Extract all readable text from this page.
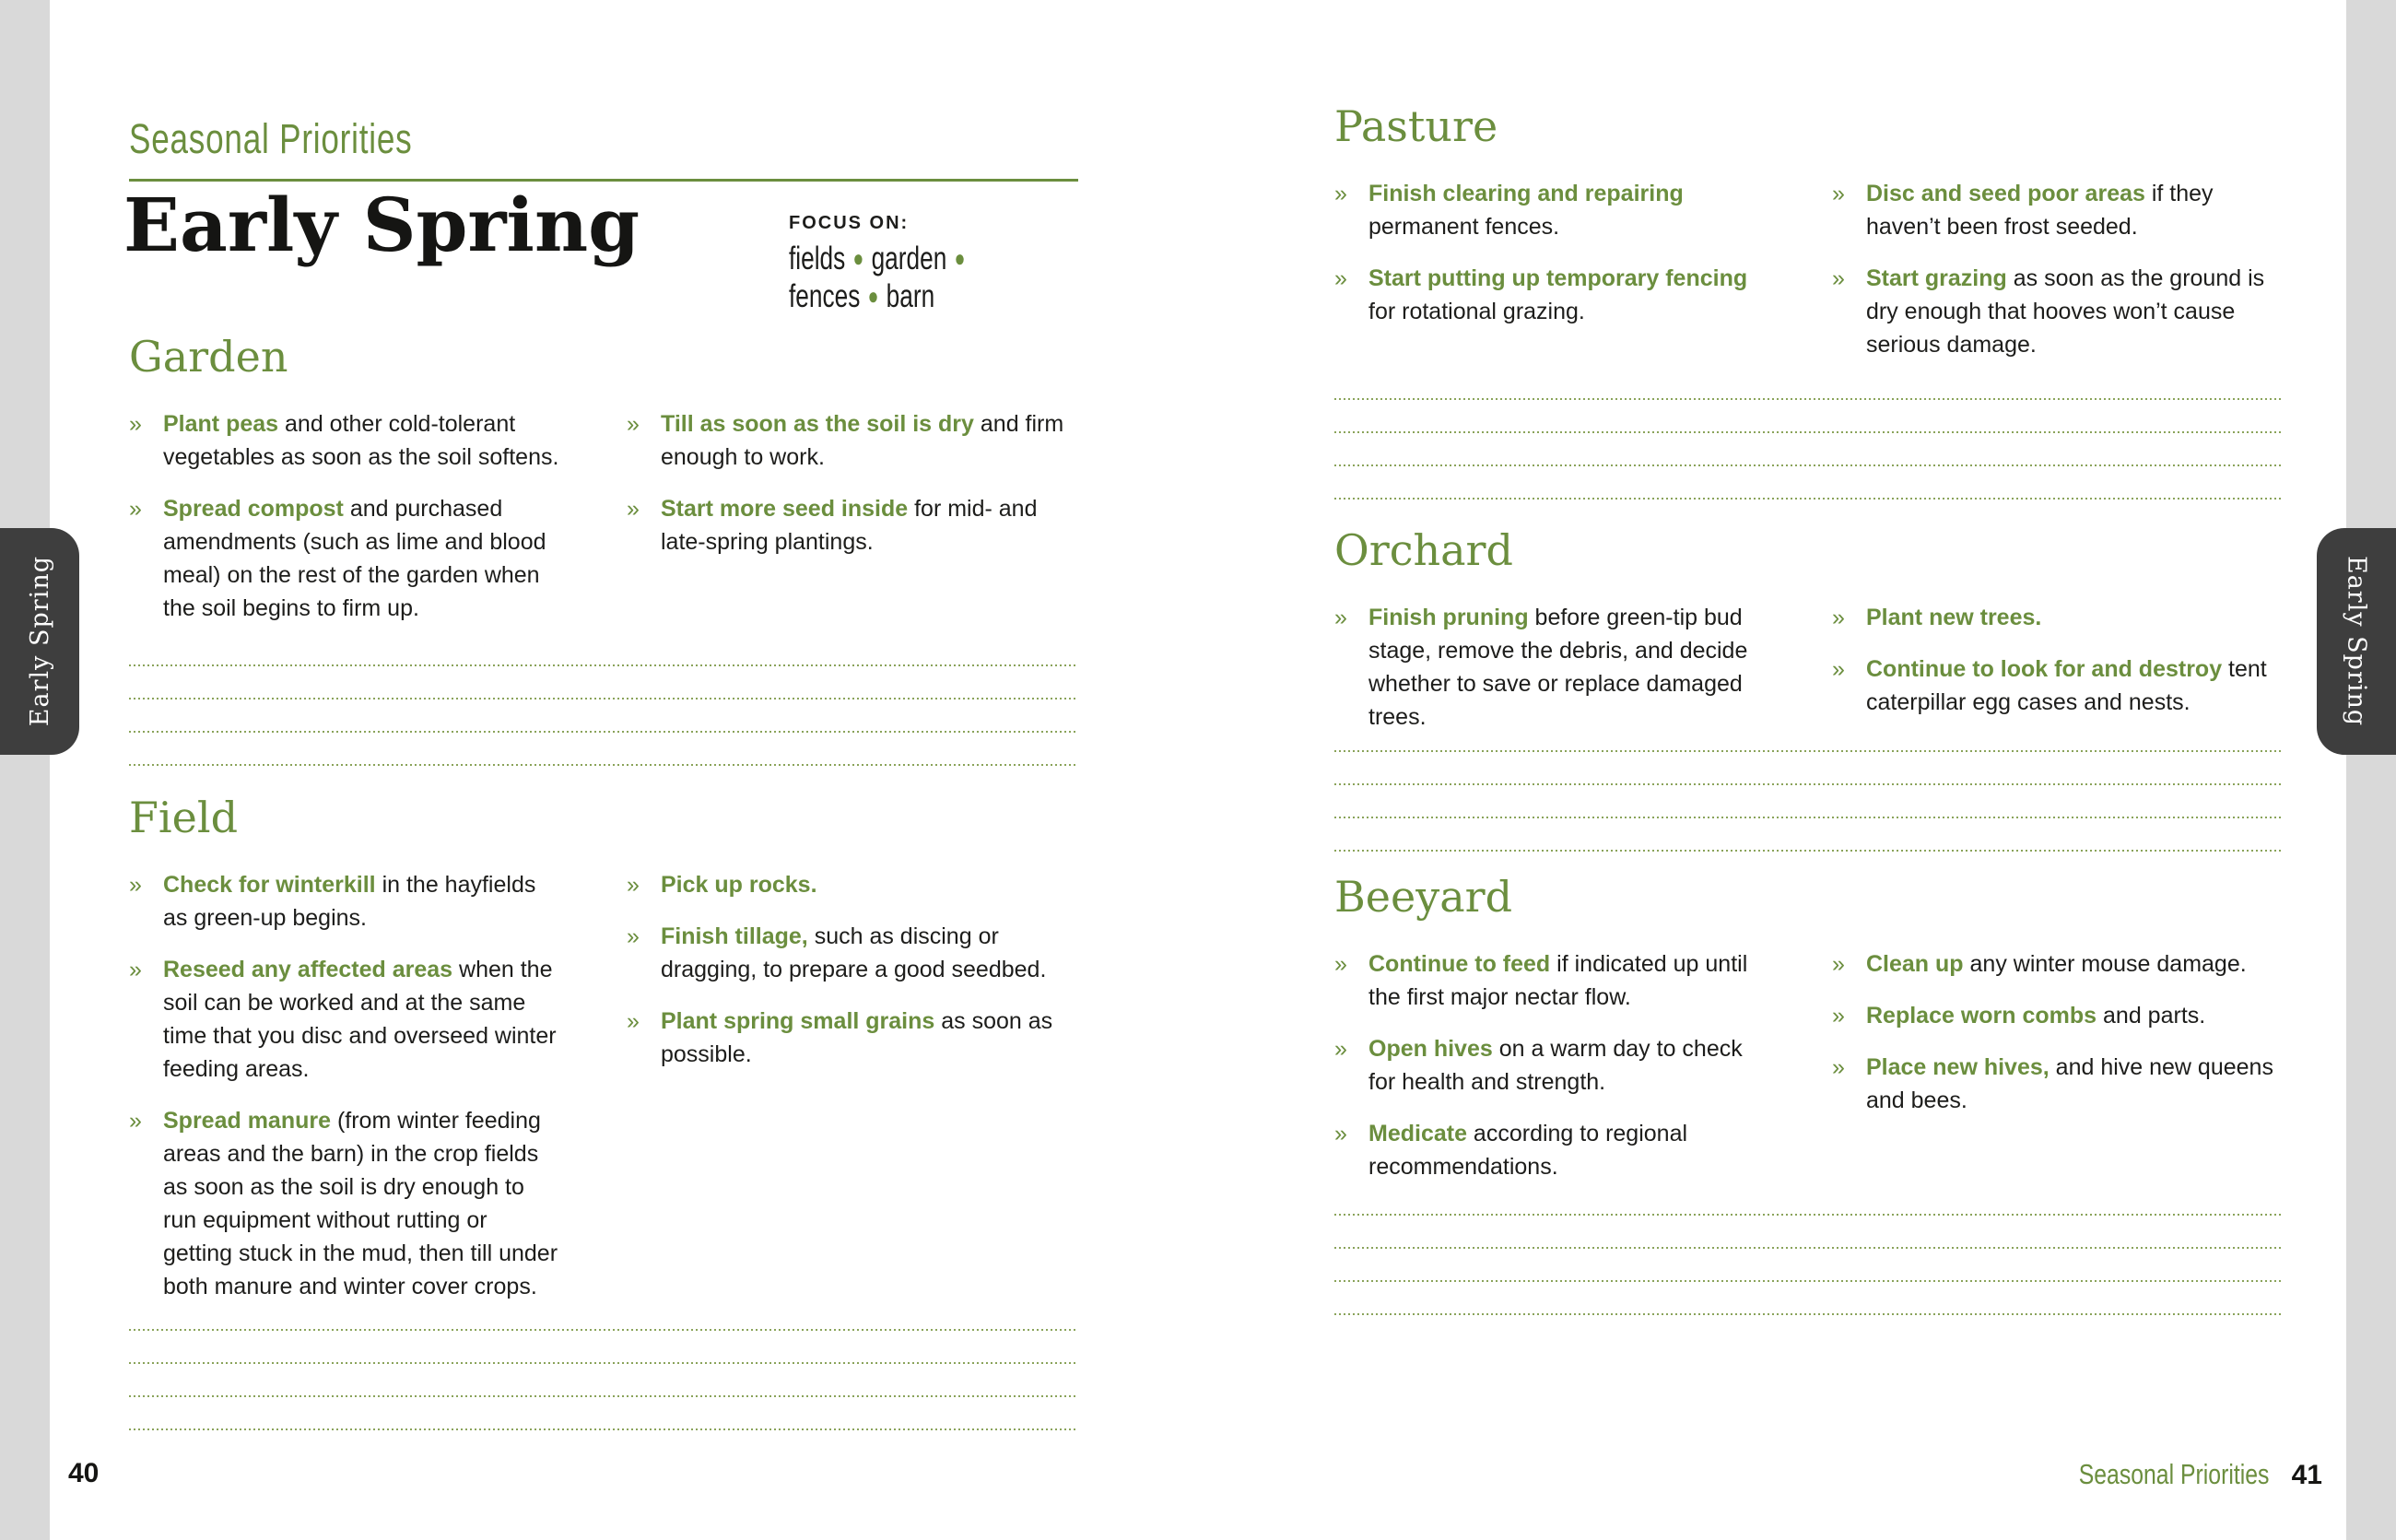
Early Spring	Early Spring
Seasonal Priorities
Early Spring	FOCUS ON:
fields ● garden ●
fences ● barn
Garden
» Plant peas and other cold-tolerant vegetables as soon as the soil softens.
» Spread compost and purchased amendments (such as lime and blood meal) on the rest of the garden when the soil begins to firm up.
» Till as soon as the soil is dry and firm enough to work.
» Start more seed inside for mid- and late-spring plantings.
Field
» Check for winterkill in the hayfields as green-up begins.
» Reseed any affected areas when the soil can be worked and at the same time that you disc and overseed winter feeding areas.
» Spread manure (from winter feeding areas and the barn) in the crop fields as soon as the soil is dry enough to run equipment without rutting or getting stuck in the mud, then till under both manure and winter cover crops.
» Pick up rocks.
» Finish tillage, such as discing or dragging, to prepare a good seedbed.
» Plant spring small grains as soon as possible.
Pasture
» Finish clearing and repairing permanent fences.
» Start putting up temporary fencing for rotational grazing.
» Disc and seed poor areas if they haven’t been frost seeded.
» Start grazing as soon as the ground is dry enough that hooves won’t cause serious damage.
Orchard
» Finish pruning before green-tip bud stage, remove the debris, and decide whether to save or replace damaged trees.
» Plant new trees.
» Continue to look for and destroy tent caterpillar egg cases and nests.
Beeyard
» Continue to feed if indicated up until the first major nectar flow.
» Open hives on a warm day to check for health and strength.
» Medicate according to regional recommendations.
» Clean up any winter mouse damage.
» Replace worn combs and parts.
» Place new hives, and hive new queens and bees.
40	Seasonal Priorities 41
